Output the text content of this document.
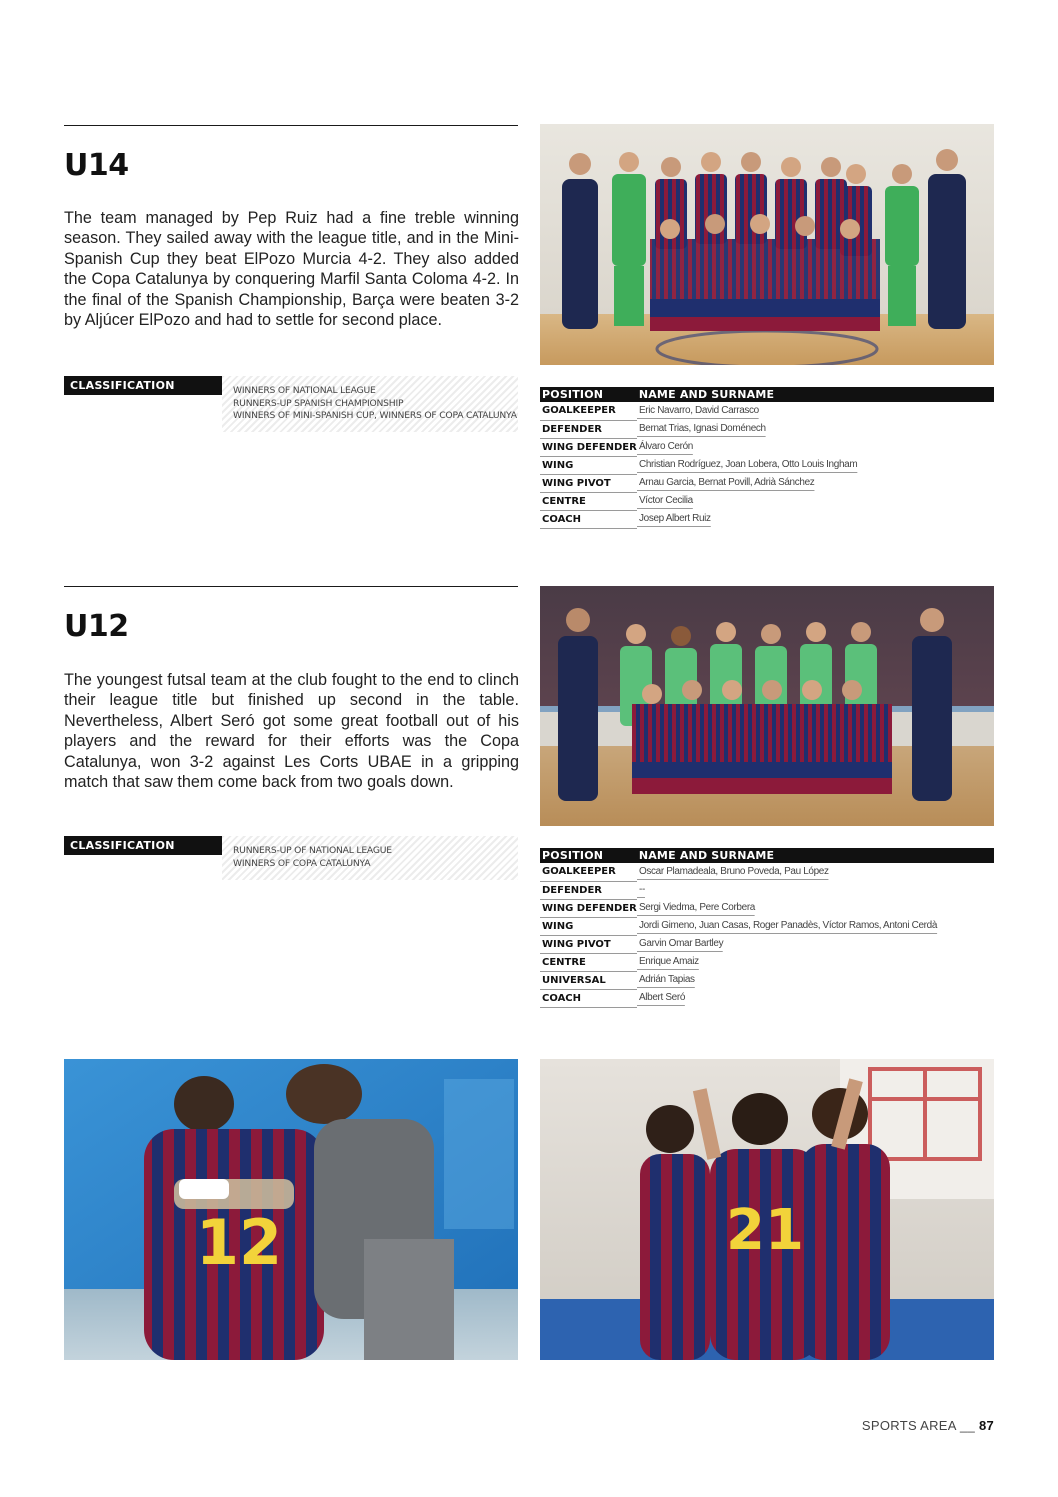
U14

The team managed by Pep Ruiz had a fine treble winning season. They sailed away with the league title, and in the Mini-Spanish Cup they beat ElPozo Murcia 4-2. They also added the Copa Catalunya by conquering Marfil Santa Coloma 4-2. In the final of the Spanish Championship, Barça were beaten 3-2 by Aljúcer ElPozo and had to settle for second place.

CLASSIFICATION	WINNERS OF NATIONAL LEAGUE
RUNNERS-UP SPANISH CHAMPIONSHIP
WINNERS OF MINI-SPANISH CUP, WINNERS OF COPA CATALUNYA
POSITION	NAME AND SURNAME
GOALKEEPER	Eric Navarro, David Carrasco
DEFENDER		Bernat Trias, Ignasi Doménech
WING DEFENDER	Álvaro Cerón
WING		Christian Rodríguez, Joan Lobera, Otto Louis Ingham
WING PIVOT		Arnau Garcia, Bernat Povill, Adrià Sánchez
CENTRE		Víctor Cecilia
COACH		Josep Albert Ruiz
U12

The youngest futsal team at the club fought to the end to clinch their league title but finished up second in the table. Nevertheless, Albert Seró got some great football out of his players and the reward for their efforts was the Copa Catalunya, won 3-2 against Les Corts UBAE in a gripping match that saw them come back from two goals down.

CLASSIFICATION	RUNNERS-UP OF NATIONAL LEAGUE
WINNERS OF COPA CATALUNYA
POSITION	NAME AND SURNAME
GOALKEEPER	Oscar Plamadeala, Bruno Poveda, Pau López
DEFENDER		--
WING DEFENDER	Sergi Viedma, Pere Corbera
WING		Jordi Gimeno, Juan Casas, Roger Panadès, Víctor Ramos, Antoni Cerdà
WING PIVOT		Garvin Omar Bartley
CENTRE		Enrique Amaiz
UNIVERSAL		Adrián Tapias
COACH		Albert Seró
12	21
SPORTS AREA __ 87
